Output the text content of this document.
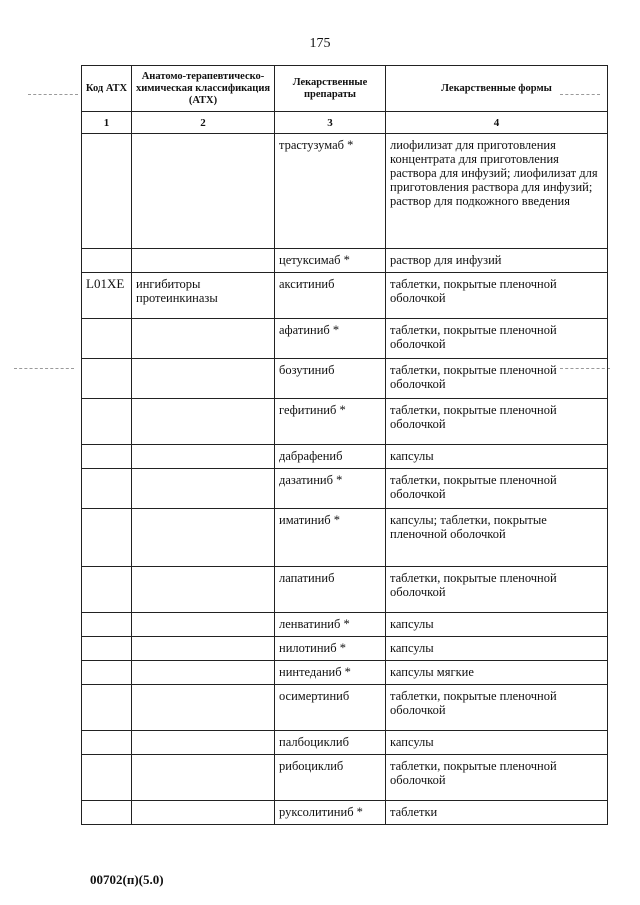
175
Код АТХ	Анатомо-терапевтическо-химическая классификация (АТХ)	Лекарственные препараты	Лекарственные формы
1	2	3	4
		трастузумаб *	лиофилизат для приготовления концентрата для приготовления раствора для инфузий; лиофилизат для приготовления раствора для инфузий; раствор для подкожного введения
		цетуксимаб *	раствор для инфузий
L01XE	ингибиторы протеинкиназы	акситиниб	таблетки, покрытые пленочной оболочкой
		афатиниб *	таблетки, покрытые пленочной оболочкой
		бозутиниб	таблетки, покрытые пленочной оболочкой
		гефитиниб *	таблетки, покрытые пленочной оболочкой
		дабрафениб	капсулы
		дазатиниб *	таблетки, покрытые пленочной оболочкой
		иматиниб *	капсулы; таблетки, покрытые пленочной оболочкой
		лапатиниб	таблетки, покрытые пленочной оболочкой
		ленватиниб *	капсулы
		нилотиниб *	капсулы
		нинтеданиб *	капсулы мягкие
		осимертиниб	таблетки, покрытые пленочной оболочкой
		палбоциклиб	капсулы
		рибоциклиб	таблетки, покрытые пленочной оболочкой
		руксолитиниб *	таблетки
00702(п)(5.0)
